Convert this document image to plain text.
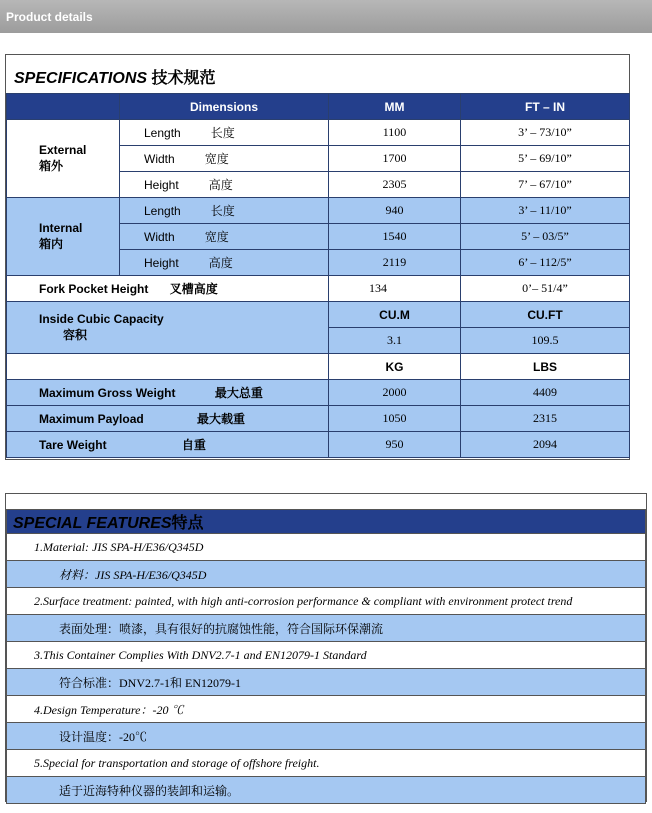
Product details
SPECIFICATIONS 技术规范
	Dimensions	MM	FT – IN

External
箱外	Length 长度	1100	3’ – 73/10”
	Width 宽度	1700	5’ – 69/10”
	Height 高度	2305	7’ – 67/10”

Internal
箱内	Length 长度	940	3’ – 11/10”
	Width 宽度	1540	5’ – 03/5”
	Height 高度	2119	6’ – 112/5”
Fork Pocket Height 叉槽高度		134	0’– 51/4”

Inside Cubic Capacity
容积		CU.M	CU.FT
		3.1	109.5
		KG	LBS
Maximum Gross Weight 最大总重		2000	4409
Maximum Payload 最大载重		1050	2315
Tare Weight 自重		950	2094
SPECIAL FEATURES特点
1.Material: JIS SPA-H/E36/Q345D
材料：JIS SPA-H/E36/Q345D
2.Surface treatment: painted, with high anti-corrosion performance & compliant with environment protect trend
表面处理：喷漆，具有很好的抗腐蚀性能，符合国际环保潮流
3.This Container Complies With DNV2.7-1 and EN12079-1 Standard
符合标准：DNV2.7-1和 EN12079-1
4.Design Temperature：-20 ℃
设计温度：-20℃
5.Special for transportation and storage of offshore freight.
适于近海特种仪器的装卸和运输。
